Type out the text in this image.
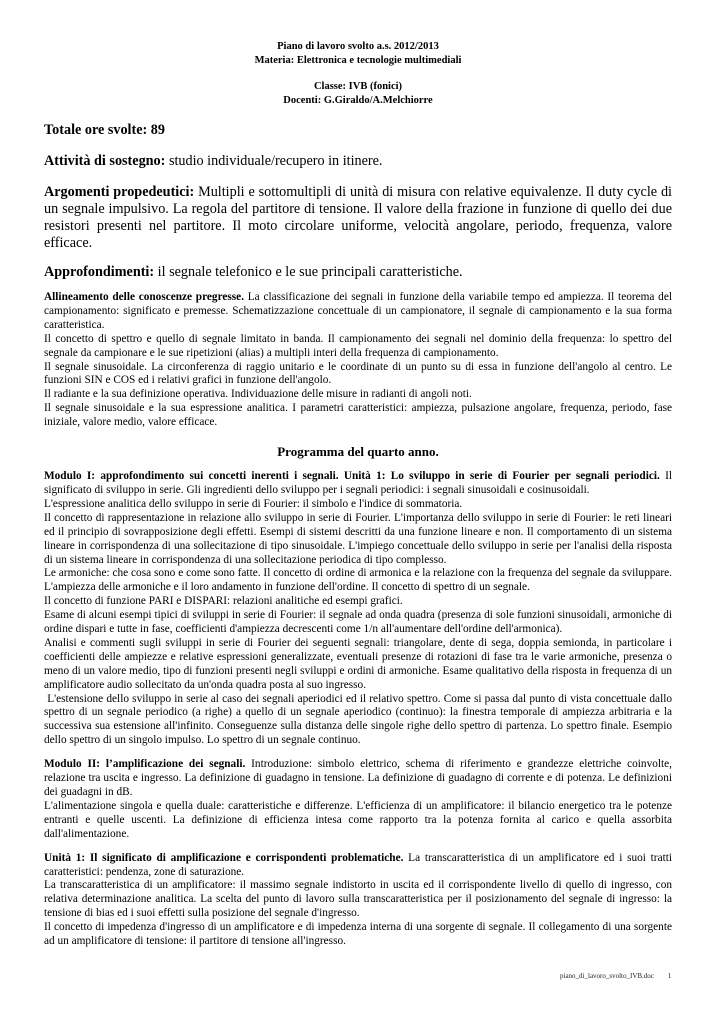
Piano di lavoro svolto a.s. 2012/2013
Materia: Elettronica e tecnologie multimediali
Classe: IVB (fonici)
Docenti: G.Giraldo/A.Melchiorre

Totale ore svolte: 89

Attività di sostegno: studio individuale/recupero in itinere.

Argomenti propedeutici: Multipli e sottomultipli di unità di misura con relative equivalenze. Il duty cycle di un segnale impulsivo. La regola del partitore di tensione. Il valore della frazione in funzione di quello dei due resistori presenti nel partitore. Il moto circolare uniforme, velocità angolare, periodo, frequenza, valore efficace.

Approfondimenti: il segnale telefonico e le sue principali caratteristiche.

Allineamento delle conoscenze pregresse. La classificazione dei segnali in funzione della variabile tempo ed ampiezza. Il teorema del campionamento: significato e premesse. Schematizzazione concettuale di un campionatore, il segnale di campionamento e la sua forma caratteristica.

Il concetto di spettro e quello di segnale limitato in banda. Il campionamento dei segnali nel dominio della frequenza: lo spettro del segnale da campionare e le sue ripetizioni (alias) a multipli interi della frequenza di campionamento.

Il segnale sinusoidale. La circonferenza di raggio unitario e le coordinate di un punto su di essa in funzione dell'angolo al centro. Le funzioni SIN e COS ed i relativi grafici in funzione dell'angolo.

Il radiante e la sua definizione operativa. Individuazione delle misure in radianti di angoli noti.

Il segnale sinusoidale e la sua espressione analitica. I parametri caratteristici: ampiezza, pulsazione angolare, frequenza, periodo, fase iniziale, valore medio, valore efficace.

Programma del quarto anno.

Modulo I: approfondimento sui concetti inerenti i segnali. Unità 1: Lo sviluppo in serie di Fourier per segnali periodici. Il significato di sviluppo in serie. Gli ingredienti dello sviluppo per i segnali periodici: i segnali sinusoidali e cosinusoidali.

L'espressione analitica dello sviluppo in serie di Fourier: il simbolo e l'indice di sommatoria.

Il concetto di rappresentazione in relazione allo sviluppo in serie di Fourier. L'importanza dello sviluppo in serie di Fourier: le reti lineari ed il principio di sovrapposizione degli effetti. Esempi di sistemi descritti da una funzione lineare e non. Il comportamento di un sistema lineare in corrispondenza di una sollecitazione di tipo sinusoidale. L'impiego concettuale dello sviluppo in serie per l'analisi della risposta di un sistema lineare in corrispondenza di una sollecitazione periodica di tipo complesso.

Le armoniche: che cosa sono e come sono fatte. Il concetto di ordine di armonica e la relazione con la frequenza del segnale da sviluppare. L'ampiezza delle armoniche e il loro andamento in funzione dell'ordine. Il concetto di spettro di un segnale.

Il concetto di funzione PARI e DISPARI: relazioni analitiche ed esempi grafici.

Esame di alcuni esempi tipici di sviluppi in serie di Fourier: il segnale ad onda quadra (presenza di sole funzioni sinusoidali, armoniche di ordine dispari e tutte in fase, coefficienti d'ampiezza decrescenti come 1/n all'aumentare dell'ordine dell'armonica).

Analisi e commenti sugli sviluppi in serie di Fourier dei seguenti segnali: triangolare, dente di sega, doppia semionda, in particolare i coefficienti delle ampiezze e relative espressioni generalizzate, eventuali presenze di rotazioni di fase tra le varie armoniche, presenza o meno di un valore medio, tipo di funzioni presenti negli sviluppi e ordini di armoniche. Esame qualitativo della risposta in frequenza di un amplificatore audio sollecitato da un'onda quadra posta al suo ingresso.

L'estensione dello sviluppo in serie al caso dei segnali aperiodici ed il relativo spettro. Come si passa dal punto di vista concettuale dallo spettro di un segnale periodico (a righe) a quello di un segnale aperiodico (continuo): la finestra temporale di ampiezza arbitraria e la successiva sua estensione all'infinito. Conseguenze sulla distanza delle singole righe dello spettro di partenza. Lo spettro finale. Esempio dello spettro di un singolo impulso. Lo spettro di un segnale continuo.

Modulo II: l’amplificazione dei segnali. Introduzione: simbolo elettrico, schema di riferimento e grandezze elettriche coinvolte, relazione tra uscita e ingresso. La definizione di guadagno in tensione. La definizione di guadagno di corrente e di potenza. Le definizioni dei guadagni in dB.

L'alimentazione singola e quella duale: caratteristiche e differenze. L'efficienza di un amplificatore: il bilancio energetico tra le potenze entranti e quelle uscenti. La definizione di efficienza intesa come rapporto tra la potenza fornita al carico e quella assorbita dall'alimentazione.

Unità 1: Il significato di amplificazione e corrispondenti problematiche. La transcaratteristica di un amplificatore ed i suoi tratti caratteristici: pendenza, zone di saturazione.

La transcaratteristica di un amplificatore: il massimo segnale indistorto in uscita ed il corrispondente livello di quello di ingresso, con relativa determinazione analitica. La scelta del punto di lavoro sulla transcaratteristica per il posizionamento del segnale di ingresso: la tensione di bias ed i suoi effetti sulla posizione del segnale d'ingresso.

Il concetto di impedenza d'ingresso di un amplificatore e di impedenza interna di una sorgente di segnale. Il collegamento di una sorgente ad un amplificatore di tensione: il partitore di tensione all'ingresso.

piano_di_lavoro_svolto_IVB.doc 1
